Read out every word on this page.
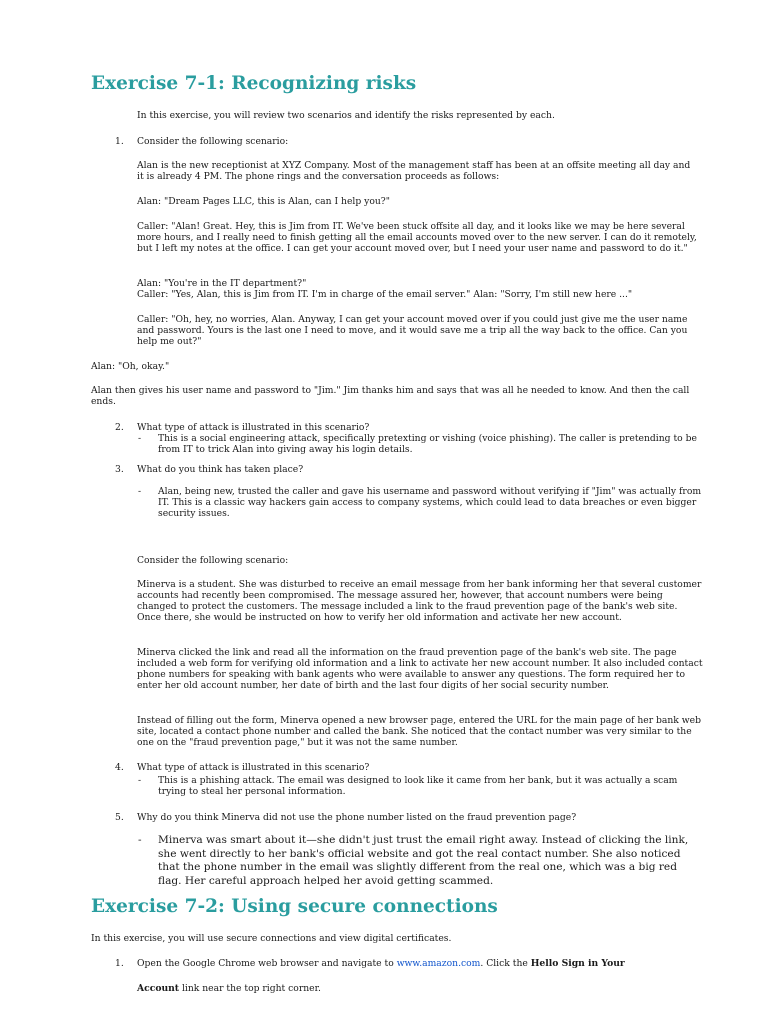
Exercise 7-1: Recognizing risks

In this exercise, you will review two scenarios and identify the risks represented by each.

1. Consider the following scenario:

Alan is the new receptionist at XYZ Company. Most of the management staff has been at an offsite meeting all day and it is already 4 PM. The phone rings and the conversation proceeds as follows:

Alan: "Dream Pages LLC, this is Alan, can I help you?"

Caller: "Alan! Great. Hey, this is Jim from IT. We've been stuck offsite all day, and it looks like we may be here several more hours, and I really need to finish getting all the email accounts moved over to the new server. I can do it remotely, but I left my notes at the office. I can get your account moved over, but I need your user name and password to do it."

Alan: "You're in the IT department?"

Caller: "Yes, Alan, this is Jim from IT. I'm in charge of the email server." Alan: "Sorry, I'm still new here ..."

Caller: "Oh, hey, no worries, Alan. Anyway, I can get your account moved over if you could just give me the user name and password. Yours is the last one I need to move, and it would save me a trip all the way back to the office. Can you help me out?"

Alan: "Oh, okay."

Alan then gives his user name and password to "Jim." Jim thanks him and says that was all he needed to know. And then the call ends.

2. What type of attack is illustrated in this scenario?

- This is a social engineering attack, specifically pretexting or vishing (voice phishing). The caller is pretending to be from IT to trick Alan into giving away his login details.

3. What do you think has taken place?

- Alan, being new, trusted the caller and gave his username and password without verifying if "Jim" was actually from IT. This is a classic way hackers gain access to company systems, which could lead to data breaches or even bigger security issues.

Consider the following scenario:

Minerva is a student. She was disturbed to receive an email message from her bank informing her that several customer accounts had recently been compromised. The message assured her, however, that account numbers were being changed to protect the customers. The message included a link to the fraud prevention page of the bank's web site. Once there, she would be instructed on how to verify her old information and activate her new account.

Minerva clicked the link and read all the information on the fraud prevention page of the bank's web site. The page included a web form for verifying old information and a link to activate her new account number. It also included contact phone numbers for speaking with bank agents who were available to answer any questions. The form required her to enter her old account number, her date of birth and the last four digits of her social security number.

Instead of filling out the form, Minerva opened a new browser page, entered the URL for the main page of her bank web site, located a contact phone number and called the bank. She noticed that the contact number was very similar to the one on the "fraud prevention page," but it was not the same number.

4. What type of attack is illustrated in this scenario?

- This is a phishing attack. The email was designed to look like it came from her bank, but it was actually a scam trying to steal her personal information.

5. Why do you think Minerva did not use the phone number listed on the fraud prevention page?

- Minerva was smart about it—she didn't just trust the email right away. Instead of clicking the link, she went directly to her bank's official website and got the real contact number. She also noticed that the phone number in the email was slightly different from the real one, which was a big red flag. Her careful approach helped her avoid getting scammed.

Exercise 7-2: Using secure connections

In this exercise, you will use secure connections and view digital certificates.

1. Open the Google Chrome web browser and navigate to www.amazon.com. Click the Hello Sign in Your

Account link near the top right corner.
